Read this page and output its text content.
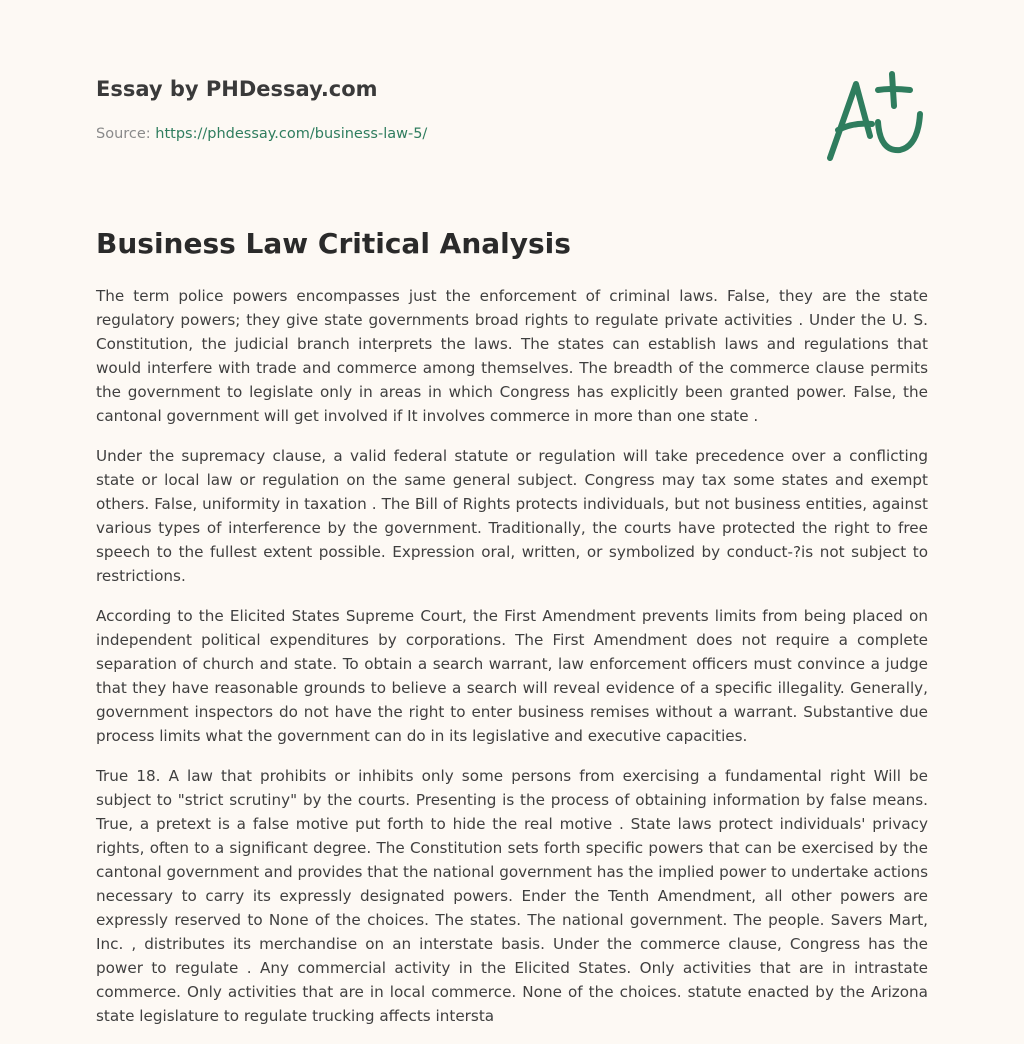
Essay by PHDessay.com
Source: https://phdessay.com/business-law-5/
Business Law Critical Analysis

The term police powers encompasses just the enforcement of criminal laws. False, they are the state regulatory powers; they give state governments broad rights to regulate private activities . Under the U. S. Constitution, the judicial branch interprets the laws. The states can establish laws and regulations that would interfere with trade and commerce among themselves. The breadth of the commerce clause permits the government to legislate only in areas in which Congress has explicitly been granted power. False, the cantonal government will get involved if It involves commerce in more than one state .

Under the supremacy clause, a valid federal statute or regulation will take precedence over a conflicting state or local law or regulation on the same general subject. Congress may tax some states and exempt others. False, uniformity in taxation . The Bill of Rights protects individuals, but not business entities, against various types of interference by the government. Traditionally, the courts have protected the right to free speech to the fullest extent possible. Expression oral, written, or symbolized by conduct-?is not subject to restrictions.

According to the Elicited States Supreme Court, the First Amendment prevents limits from being placed on independent political expenditures by corporations. The First Amendment does not require a complete separation of church and state. To obtain a search warrant, law enforcement officers must convince a judge that they have reasonable grounds to believe a search will reveal evidence of a specific illegality. Generally, government inspectors do not have the right to enter business remises without a warrant. Substantive due process limits what the government can do in its legislative and executive capacities.

True 18. A law that prohibits or inhibits only some persons from exercising a fundamental right Will be subject to "strict scrutiny" by the courts. Presenting is the process of obtaining information by false means. True, a pretext is a false motive put forth to hide the real motive . State laws protect individuals' privacy rights, often to a significant degree. The Constitution sets forth specific powers that can be exercised by the cantonal government and provides that the national government has the implied power to undertake actions necessary to carry its expressly designated powers. Ender the Tenth Amendment, all other powers are expressly reserved to None of the choices. The states. The national government. The people. Savers Mart, Inc. , distributes its merchandise on an interstate basis. Under the commerce clause, Congress has the power to regulate . Any commercial activity in the Elicited States. Only activities that are in intrastate commerce. Only activities that are in local commerce. None of the choices. statute enacted by the Arizona state legislature to regulate trucking affects intersta
